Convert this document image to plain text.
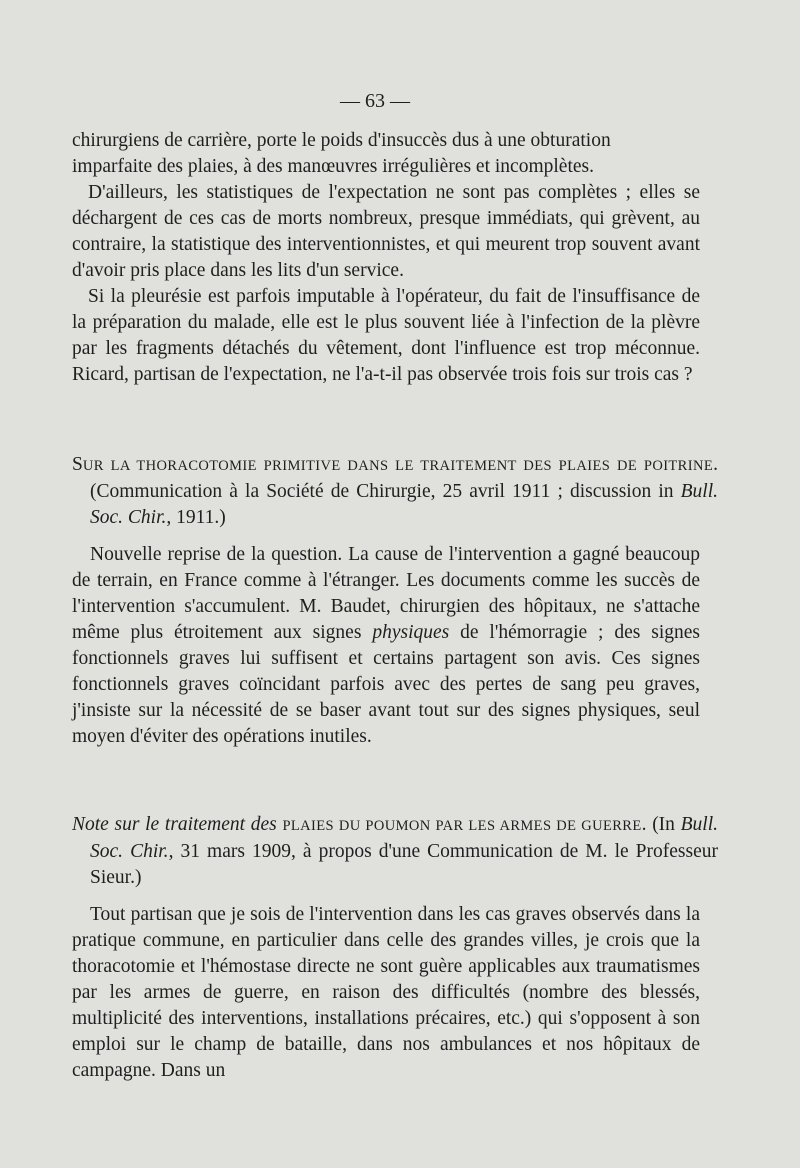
— 63 —

chirurgiens de carrière, porte le poids d'insuccès dus à une obturation

imparfaite des plaies, à des manœuvres irrégulières et incomplètes.

D'ailleurs, les statistiques de l'expectation ne sont pas complètes ; elles se déchargent de ces cas de morts nombreux, presque immédiats, qui grèvent, au contraire, la statistique des interventionnistes, et qui meurent trop souvent avant d'avoir pris place dans les lits d'un service.

Si la pleurésie est parfois imputable à l'opérateur, du fait de l'insuffisance de la préparation du malade, elle est le plus souvent liée à l'infection de la plèvre par les fragments détachés du vêtement, dont l'influence est trop méconnue. Ricard, partisan de l'expectation, ne l'a-t-il pas observée trois fois sur trois cas ?

SUR LA THORACOTOMIE PRIMITIVE DANS LE TRAITEMENT DES PLAIES DE POITRINE. (Communication à la Société de Chirurgie, 25 avril 1911 ; discussion in Bull. Soc. Chir., 1911.)

Nouvelle reprise de la question. La cause de l'intervention a gagné beaucoup de terrain, en France comme à l'étranger. Les documents comme les succès de l'intervention s'accumulent. M. Baudet, chirurgien des hôpitaux, ne s'attache même plus étroitement aux signes physiques de l'hémorragie ; des signes fonctionnels graves lui suffisent et certains partagent son avis. Ces signes fonctionnels graves coïncidant parfois avec des pertes de sang peu graves, j'insiste sur la nécessité de se baser avant tout sur des signes physiques, seul moyen d'éviter des opérations inutiles.

Note sur le traitement des PLAIES DU POUMON PAR LES ARMES DE GUERRE. (In Bull. Soc. Chir., 31 mars 1909, à propos d'une Communication de M. le Professeur Sieur.)

Tout partisan que je sois de l'intervention dans les cas graves observés dans la pratique commune, en particulier dans celle des grandes villes, je crois que la thoracotomie et l'hémostase directe ne sont guère applicables aux traumatismes par les armes de guerre, en raison des difficultés (nombre des blessés, multiplicité des interventions, installations précaires, etc.) qui s'opposent à son emploi sur le champ de bataille, dans nos ambulances et nos hôpitaux de campagne. Dans un
